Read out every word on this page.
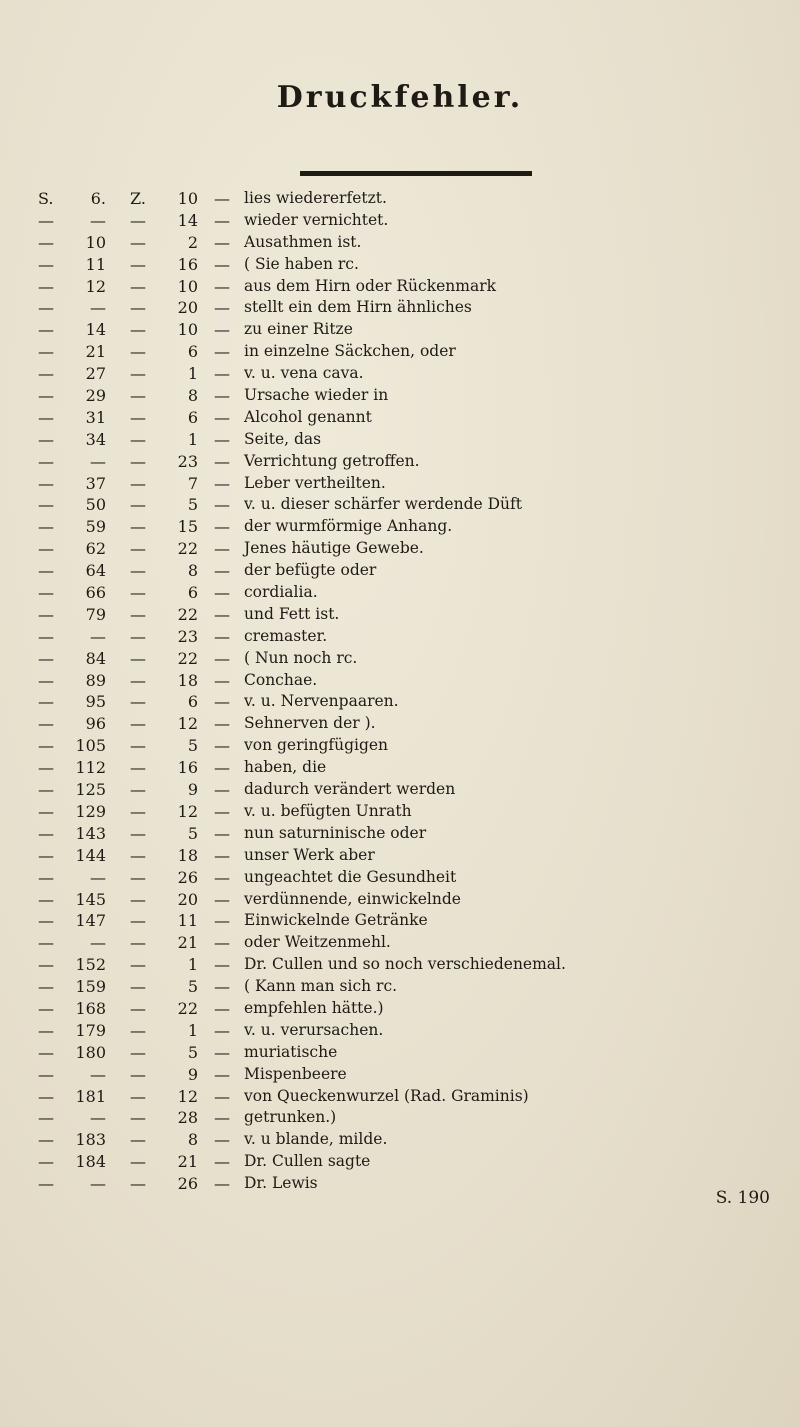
Druckfehler.
S.	6. Z.	10 — lies wiedererfetzt.
—	— —	14 — wieder vernichtet.
—	10 —	2 — Ausathmen ist.
—	11 —	16 — ( Sie haben rc.
—	12 —	10 — aus dem Hirn oder Rückenmark
—	— —	20 — stellt ein dem Hirn ähnliches
—	14 —	10 — zu einer Ritze
—	21 —	6 — in einzelne Säckchen, oder
—	27 —	1 — v. u. vena cava.
—	29 —	8 — Ursache wieder in
—	31 —	6 — Alcohol genannt
—	34 —	1 — Seite, das
—	— —	23 — Verrichtung getroffen.
—	37 —	7 — Leber vertheilten.
—	50 —	5 — v. u. dieser schärfer werdende Düft
—	59 —	15 — der wurmförmige Anhang.
—	62 —	22 — Jenes häutige Gewebe.
—	64 —	8 — der befügte oder
—	66 —	6 — cordialia.
—	79 —	22 — und Fett ist.
—	— —	23 — cremaster.
—	84 —	22 — ( Nun noch rc.
—	89 —	18 — Conchae.
—	95 —	6 — v. u. Nervenpaaren.
—	96 —	12 — Sehnerven der ).
—	105 —	5 — von geringfügigen
—	112 —	16 — haben, die
—	125 —	9 — dadurch verändert werden
—	129 —	12 — v. u. befügten Unrath
—	143 —	5 — nun saturninische oder
—	144 —	18 — unser Werk aber
—	— —	26 — ungeachtet die Gesundheit
—	145 —	20 — verdünnende, einwickelnde
—	147 —	11 — Einwickelnde Getränke
—	— —	21 — oder Weitzenmehl.
—	152 —	1 — Dr. Cullen und so noch verschiedenemal.
—	159 —	5 — ( Kann man sich rc.
—	168 —	22 — empfehlen hätte.)
—	179 —	1 — v. u. verursachen.
—	180 —	5 — muriatische
—	— —	9 — Mispenbeere
—	181 —	12 — von Queckenwurzel (Rad. Graminis)
—	— —	28 — getrunken.)
—	183 —	8 — v. u blande, milde.
—	184 —	21 — Dr. Cullen sagte
—	— —	26 — Dr. Lewis
S. 190
